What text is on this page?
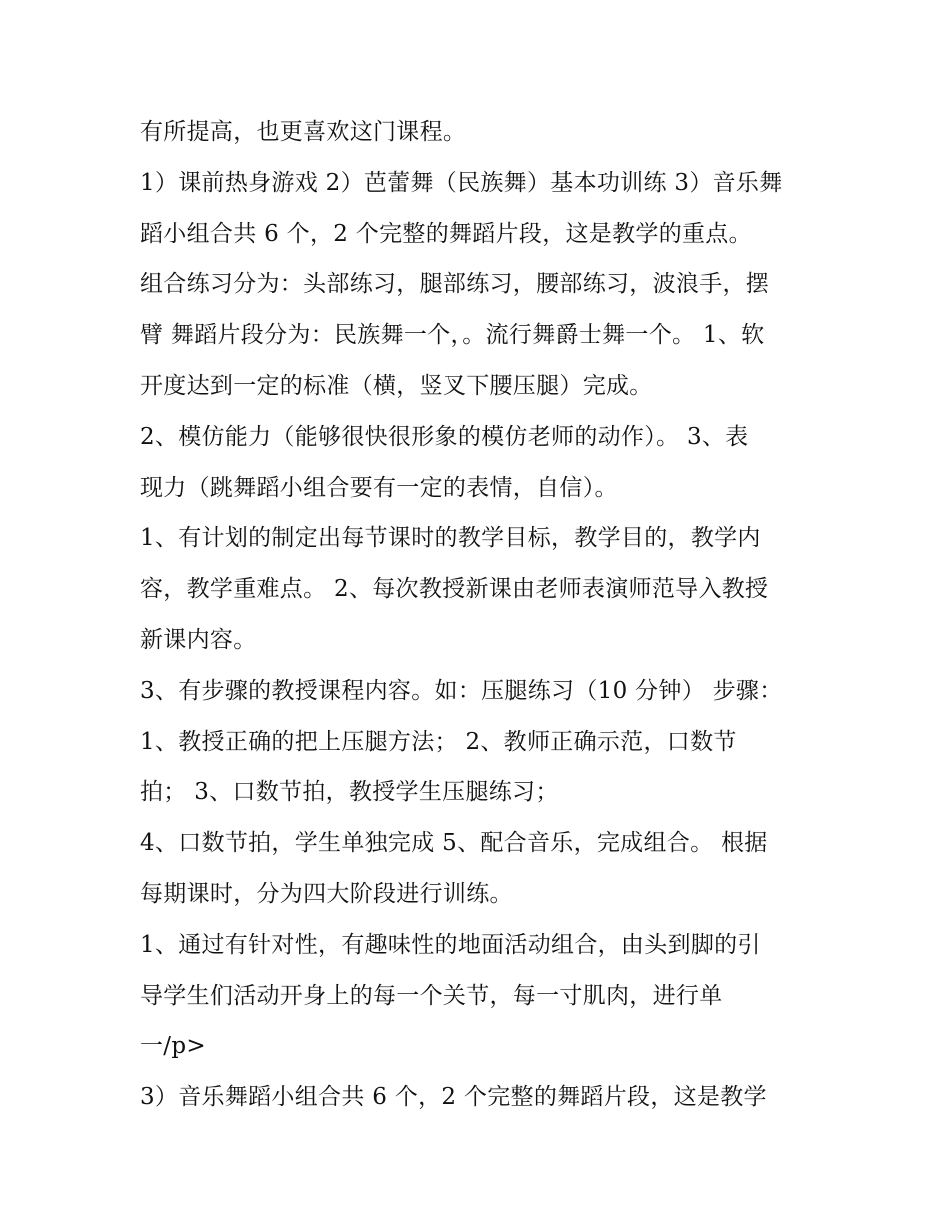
有所提高，也更喜欢这门课程。
1）课前热身游戏 2）芭蕾舞（民族舞）基本功训练 3）音乐舞
蹈小组合共 6 个，2 个完整的舞蹈片段，这是教学的重点。
组合练习分为：头部练习，腿部练习，腰部练习，波浪手，摆
臂 舞蹈片段分为：民族舞一个，。流行舞爵士舞一个。 1、软
开度达到一定的标准（横，竖叉下腰压腿）完成。
2、模仿能力（能够很快很形象的模仿老师的动作）。 3、表
现力（跳舞蹈小组合要有一定的表情，自信）。
1、有计划的制定出每节课时的教学目标，教学目的，教学内
容，教学重难点。 2、每次教授新课由老师表演师范导入教授
新课内容。
3、有步骤的教授课程内容。如：压腿练习（10 分钟） 步骤：
1、教授正确的把上压腿方法； 2、教师正确示范，口数节
拍； 3、口数节拍，教授学生压腿练习；
4、口数节拍，学生单独完成 5、配合音乐，完成组合。 根据
每期课时，分为四大阶段进行训练。
1、通过有针对性，有趣味性的地面活动组合，由头到脚的引
导学生们活动开身上的每一个关节，每一寸肌肉，进行单
一/p>
3）音乐舞蹈小组合共 6 个，2 个完整的舞蹈片段，这是教学
